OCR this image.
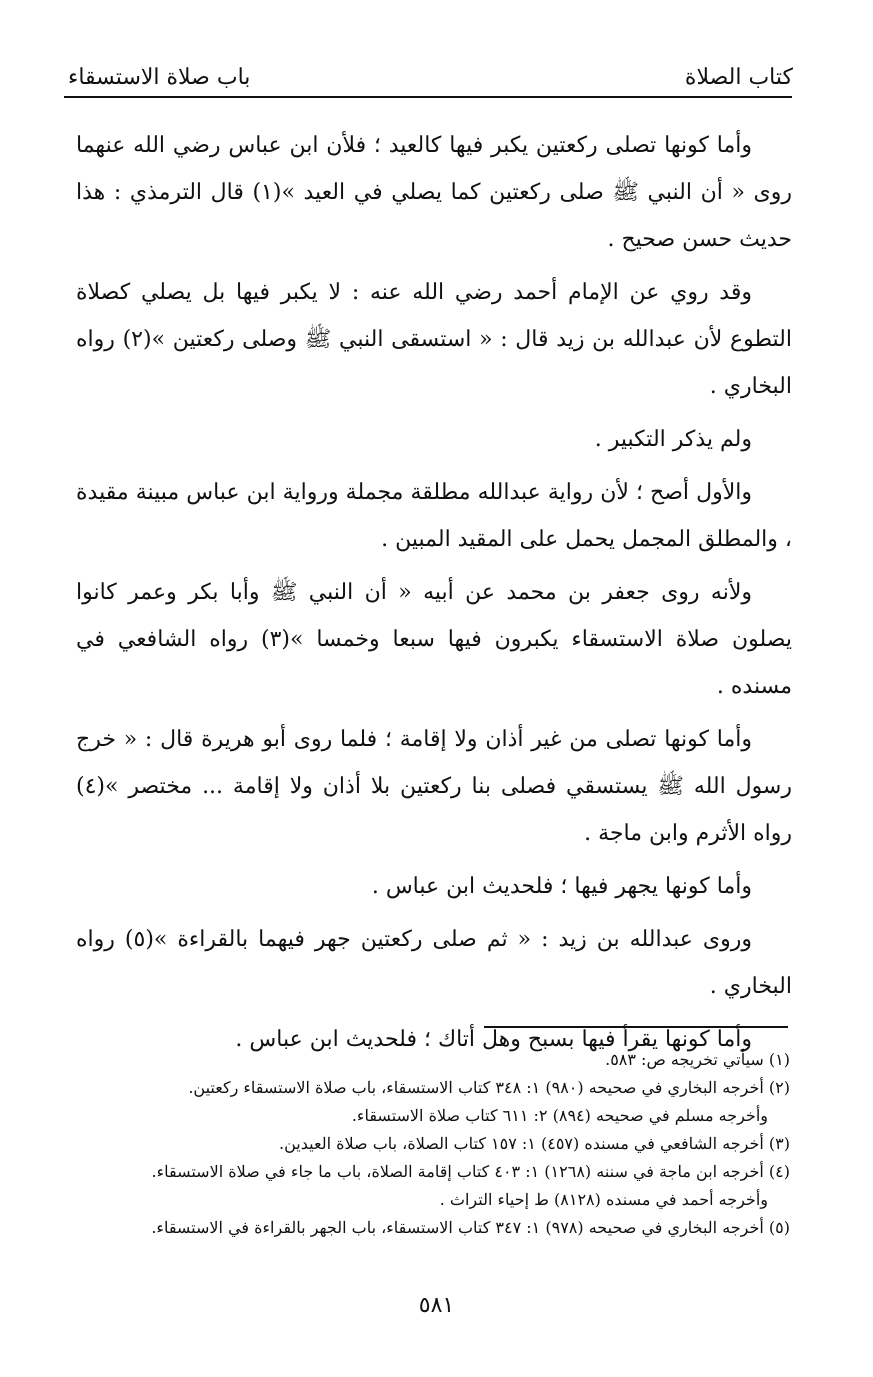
كتاب الصلاة
باب صلاة الاستسقاء

وأما كونها تصلى ركعتين يكبر فيها كالعيد ؛ فلأن ابن عباس رضي الله عنهما روى « أن النبي ﷺ صلى ركعتين كما يصلي في العيد »(١) قال الترمذي : هذا حديث حسن صحيح .

وقد روي عن الإمام أحمد رضي الله عنه : لا يكبر فيها بل يصلي كصلاة التطوع لأن عبدالله بن زيد قال : « استسقى النبي ﷺ وصلى ركعتين »(٢) رواه البخاري .

ولم يذكر التكبير .

والأول أصح ؛ لأن رواية عبدالله مطلقة مجملة ورواية ابن عباس مبينة مقيدة ، والمطلق المجمل يحمل على المقيد المبين .

ولأنه روى جعفر بن محمد عن أبيه « أن النبي ﷺ وأبا بكر وعمر كانوا يصلون صلاة الاستسقاء يكبرون فيها سبعا وخمسا »(٣) رواه الشافعي في مسنده .

وأما كونها تصلى من غير أذان ولا إقامة ؛ فلما روى أبو هريرة قال : « خرج رسول الله ﷺ يستسقي فصلى بنا ركعتين بلا أذان ولا إقامة ... مختصر »(٤) رواه الأثرم وابن ماجة .

وأما كونها يجهر فيها ؛ فلحديث ابن عباس .

وروى عبدالله بن زيد : « ثم صلى ركعتين جهر فيهما بالقراءة »(٥) رواه البخاري .

وأما كونها يقرأ فيها بسبح وهل أتاك ؛ فلحديث ابن عباس .

(١) سيأتي تخريجه ص: ٥٨٣.

(٢) أخرجه البخاري في صحيحه (٩٨٠) ١: ٣٤٨ كتاب الاستسقاء، باب صلاة الاستسقاء ركعتين.

وأخرجه مسلم في صحيحه (٨٩٤) ٢: ٦١١ كتاب صلاة الاستسقاء.

(٣) أخرجه الشافعي في مسنده (٤٥٧) ١: ١٥٧ كتاب الصلاة، باب صلاة العيدين.

(٤) أخرجه ابن ماجة في سننه (١٢٦٨) ١: ٤٠٣ كتاب إقامة الصلاة، باب ما جاء في صلاة الاستسقاء.

وأخرجه أحمد في مسنده (٨١٢٨) ط إحياء التراث .

(٥) أخرجه البخاري في صحيحه (٩٧٨) ١: ٣٤٧ كتاب الاستسقاء، باب الجهر بالقراءة في الاستسقاء.

٥٨١
